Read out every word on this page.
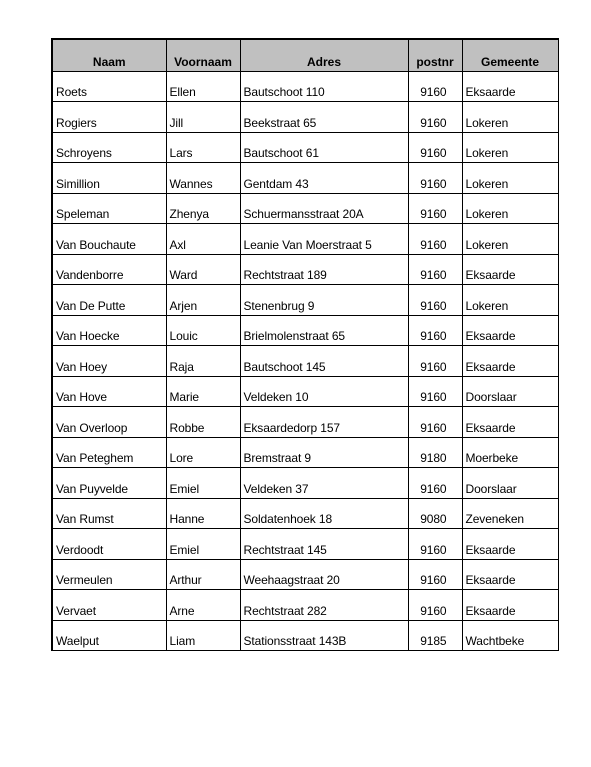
Naam	Voornaam	Adres	postnr	Gemeente
Roets	Ellen	Bautschoot 110	9160	Eksaarde
Rogiers	Jill	Beekstraat 65	9160	Lokeren
Schroyens	Lars	Bautschoot 61	9160	Lokeren
Simillion	Wannes	Gentdam 43	9160	Lokeren
Speleman	Zhenya	Schuermansstraat 20A	9160	Lokeren
Van Bouchaute	Axl	Leanie Van Moerstraat 5	9160	Lokeren
Vandenborre	Ward	Rechtstraat 189	9160	Eksaarde
Van De Putte	Arjen	Stenenbrug 9	9160	Lokeren
Van Hoecke	Louic	Brielmolenstraat 65	9160	Eksaarde
Van Hoey	Raja	Bautschoot 145	9160	Eksaarde
Van Hove	Marie	Veldeken 10	9160	Doorslaar
Van Overloop	Robbe	Eksaardedorp 157	9160	Eksaarde
Van Peteghem	Lore	Bremstraat 9	9180	Moerbeke
Van Puyvelde	Emiel	Veldeken 37	9160	Doorslaar
Van Rumst	Hanne	Soldatenhoek 18	9080	Zeveneken
Verdoodt	Emiel	Rechtstraat 145	9160	Eksaarde
Vermeulen	Arthur	Weehaagstraat 20	9160	Eksaarde
Vervaet	Arne	Rechtstraat 282	9160	Eksaarde
Waelput	Liam	Stationsstraat 143B	9185	Wachtbeke
